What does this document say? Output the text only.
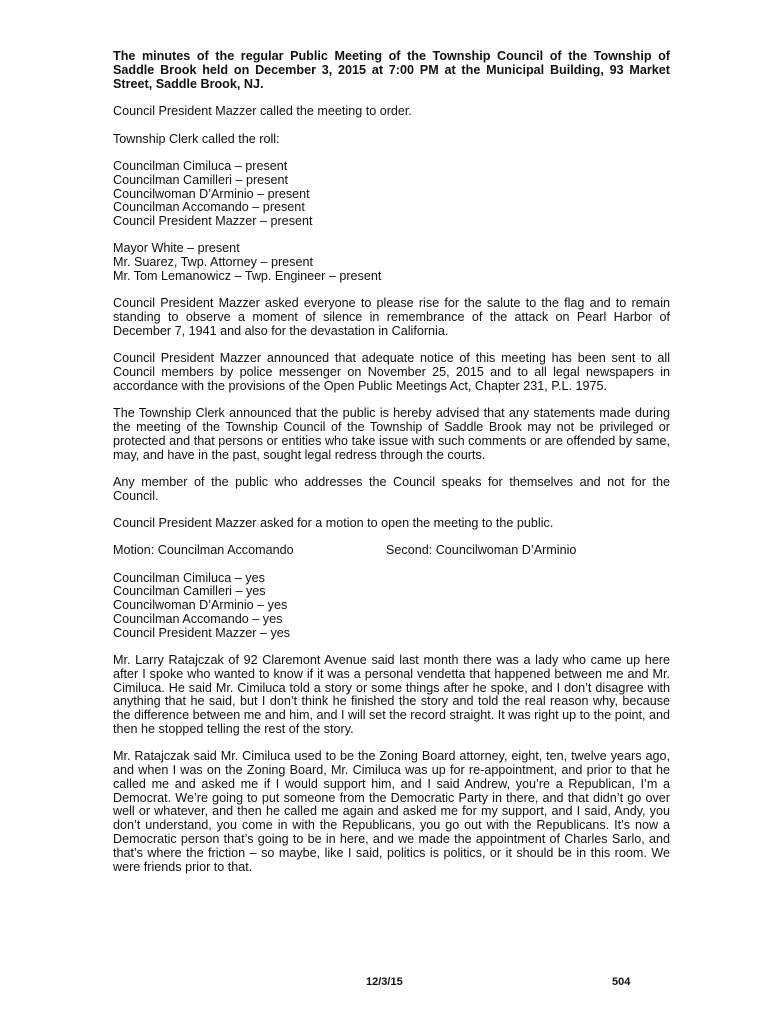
The minutes of the regular Public Meeting of the Township Council of the Township of Saddle Brook held on December 3, 2015 at 7:00 PM at the Municipal Building, 93 Market Street, Saddle Brook, NJ.

Council President Mazzer called the meeting to order.

Township Clerk called the roll:

Councilman Cimiluca – present
Councilman Camilleri – present
Councilwoman D’Arminio – present
Councilman Accomando – present
Council President Mazzer – present
Mayor White – present
Mr. Suarez, Twp. Attorney – present
Mr. Tom Lemanowicz – Twp. Engineer – present

Council President Mazzer asked everyone to please rise for the salute to the flag and to remain standing to observe a moment of silence in remembrance of the attack on Pearl Harbor of December 7, 1941 and also for the devastation in California.

Council President Mazzer announced that adequate notice of this meeting has been sent to all Council members by police messenger on November 25, 2015 and to all legal newspapers in accordance with the provisions of the Open Public Meetings Act, Chapter 231, P.L. 1975.

The Township Clerk announced that the public is hereby advised that any statements made during the meeting of the Township Council of the Township of Saddle Brook may not be privileged or protected and that persons or entities who take issue with such comments or are offended by same, may, and have in the past, sought legal redress through the courts.

Any member of the public who addresses the Council speaks for themselves and not for the Council.

Council President Mazzer asked for a motion to open the meeting to the public.

Motion: Councilman Accomando	Second: Councilwoman D’Arminio
Councilman Cimiluca – yes
Councilman Camilleri – yes
Councilwoman D’Arminio – yes
Councilman Accomando – yes
Council President Mazzer – yes

Mr. Larry Ratajczak of 92 Claremont Avenue said last month there was a lady who came up here after I spoke who wanted to know if it was a personal vendetta that happened between me and Mr. Cimiluca. He said Mr. Cimiluca told a story or some things after he spoke, and I don’t disagree with anything that he said, but I don’t think he finished the story and told the real reason why, because the difference between me and him, and I will set the record straight. It was right up to the point, and then he stopped telling the rest of the story.

Mr. Ratajczak said Mr. Cimiluca used to be the Zoning Board attorney, eight, ten, twelve years ago, and when I was on the Zoning Board, Mr. Cimiluca was up for re-appointment, and prior to that he called me and asked me if I would support him, and I said Andrew, you’re a Republican, I’m a Democrat. We’re going to put someone from the Democratic Party in there, and that didn’t go over well or whatever, and then he called me again and asked me for my support, and I said, Andy, you don’t understand, you come in with the Republicans, you go out with the Republicans. It’s now a Democratic person that’s going to be in here, and we made the appointment of Charles Sarlo, and that’s where the friction – so maybe, like I said, politics is politics, or it should be in this room. We were friends prior to that.

12/3/15	504
